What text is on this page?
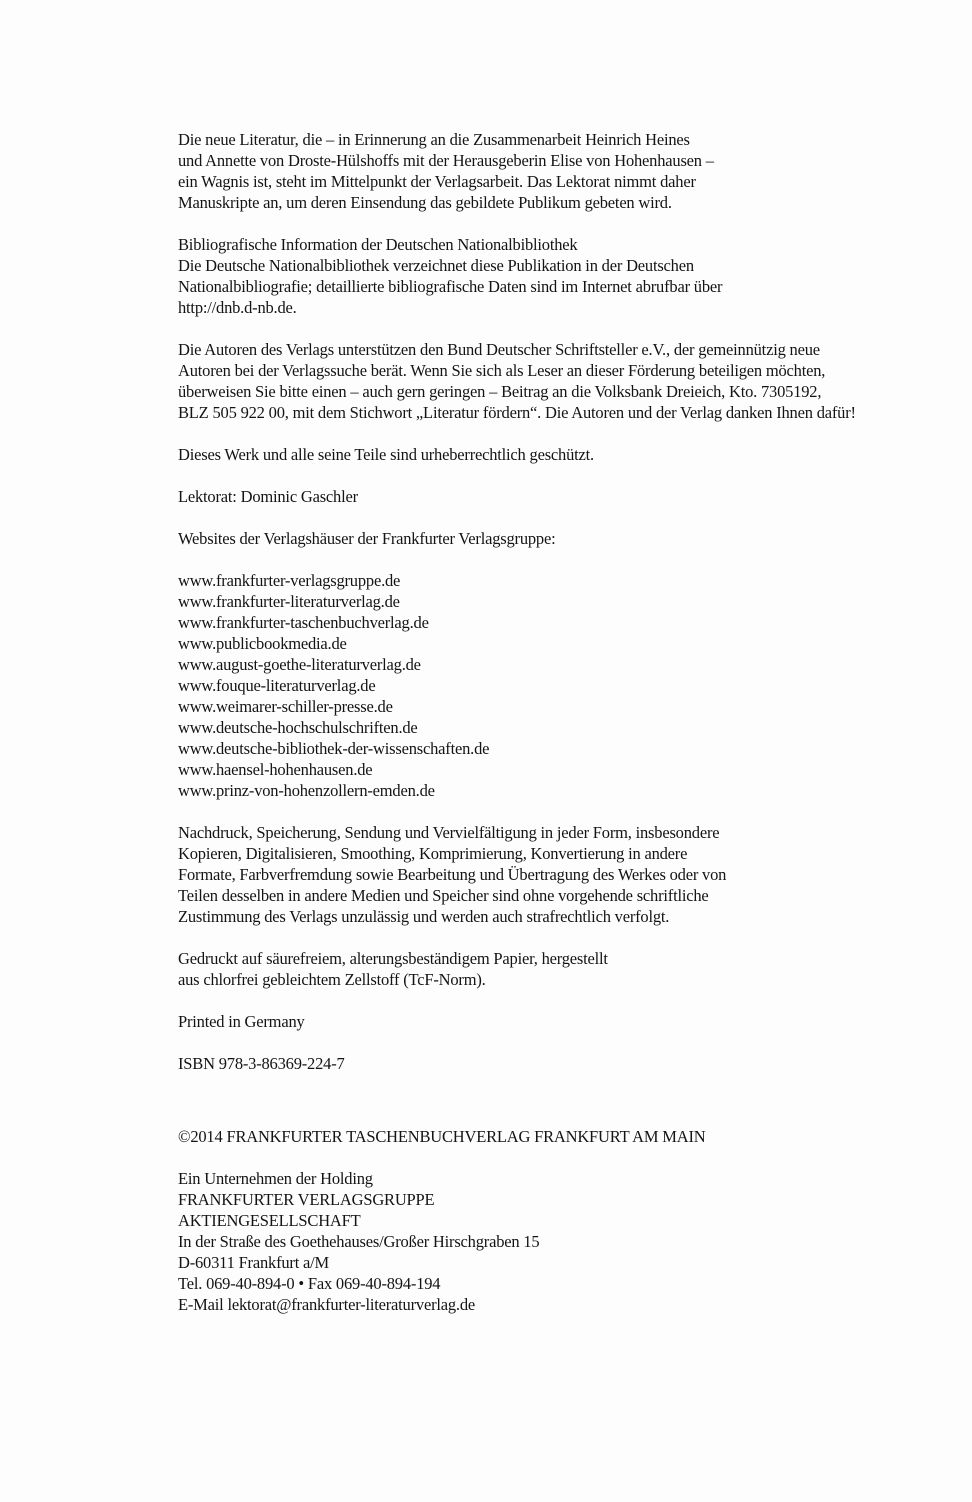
Die neue Literatur, die – in Erinnerung an die Zusammenarbeit Heinrich Heines
und Annette von Droste-Hülshoffs mit der Herausgeberin Elise von Hohenhausen –
ein Wagnis ist, steht im Mittelpunkt der Verlagsarbeit. Das Lektorat nimmt daher
Manuskripte an, um deren Einsendung das gebildete Publikum gebeten wird.
Bibliografische Information der Deutschen Nationalbibliothek
Die Deutsche Nationalbibliothek verzeichnet diese Publikation in der Deutschen
Nationalbibliografie; detaillierte bibliografische Daten sind im Internet abrufbar über
http://dnb.d-nb.de.
Die Autoren des Verlags unterstützen den Bund Deutscher Schriftsteller e.V., der gemeinnützig neue
Autoren bei der Verlagssuche berät. Wenn Sie sich als Leser an dieser Förderung beteiligen möchten,
überweisen Sie bitte einen – auch gern geringen – Beitrag an die Volksbank Dreieich, Kto. 7305192,
BLZ 505 922 00, mit dem Stichwort „Literatur fördern“. Die Autoren und der Verlag danken Ihnen dafür!
Dieses Werk und alle seine Teile sind urheberrechtlich geschützt.
Lektorat: Dominic Gaschler
Websites der Verlagshäuser der Frankfurter Verlagsgruppe:
www.frankfurter-verlagsgruppe.de
www.frankfurter-literaturverlag.de
www.frankfurter-taschenbuchverlag.de
www.publicbookmedia.de
www.august-goethe-literaturverlag.de
www.fouque-literaturverlag.de
www.weimarer-schiller-presse.de
www.deutsche-hochschulschriften.de
www.deutsche-bibliothek-der-wissenschaften.de
www.haensel-hohenhausen.de
www.prinz-von-hohenzollern-emden.de
Nachdruck, Speicherung, Sendung und Vervielfältigung in jeder Form, insbesondere
Kopieren, Digitalisieren, Smoothing, Komprimierung, Konvertierung in andere
Formate, Farbverfremdung sowie Bearbeitung und Übertragung des Werkes oder von
Teilen desselben in andere Medien und Speicher sind ohne vorgehende schriftliche
Zustimmung des Verlags unzulässig und werden auch strafrechtlich verfolgt.
Gedruckt auf säurefreiem, alterungsbeständigem Papier, hergestellt
aus chlorfrei gebleichtem Zellstoff (TcF-Norm).
Printed in Germany
ISBN 978-3-86369-224-7
©2014 FRANKFURTER TASCHENBUCHVERLAG FRANKFURT AM MAIN
Ein Unternehmen der Holding
FRANKFURTER VERLAGSGRUPPE
AKTIENGESELLSCHAFT
In der Straße des Goethehauses/Großer Hirschgraben 15
D-60311 Frankfurt a/M
Tel. 069-40-894-0 • Fax 069-40-894-194
E-Mail lektorat@frankfurter-literaturverlag.de
